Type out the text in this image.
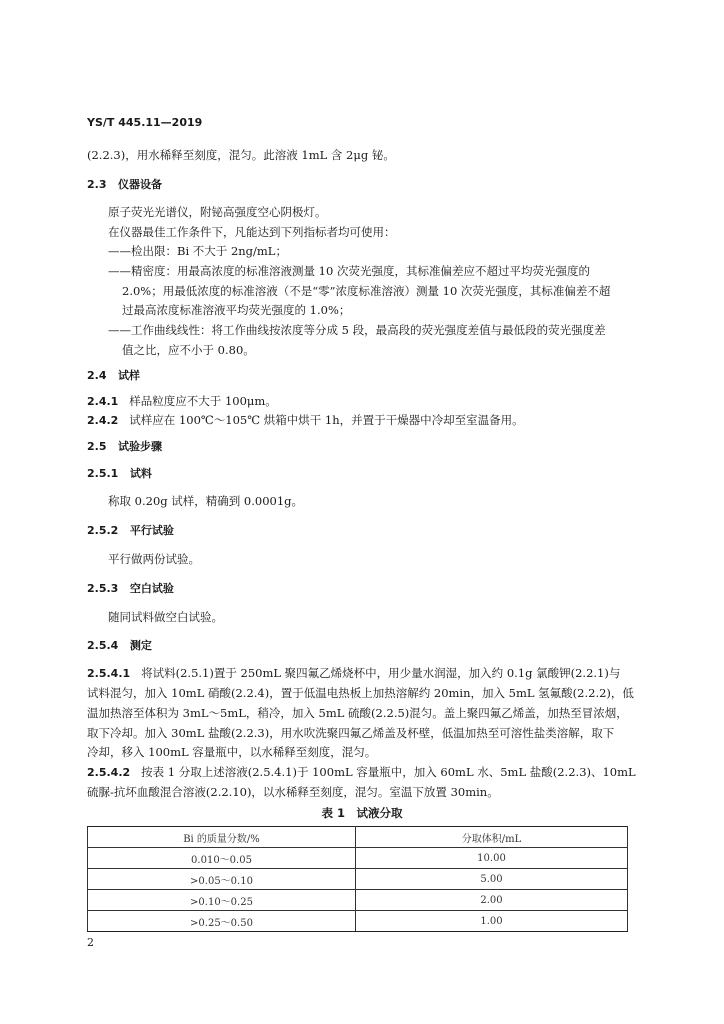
YS/T 445.11—2019
(2.2.3)，用水稀释至刻度，混匀。此溶液 1mL 含 2μg 铋。
2.3 仪器设备
原子荧光光谱仪，附铋高强度空心阴极灯。
在仪器最佳工作条件下，凡能达到下列指标者均可使用：
——检出限：Bi 不大于 2ng/mL；
——精密度：用最高浓度的标准溶液测量 10 次荧光强度，其标准偏差应不超过平均荧光强度的
2.0%；用最低浓度的标准溶液（不是“零”浓度标准溶液）测量 10 次荧光强度，其标准偏差不超
过最高浓度标准溶液平均荧光强度的 1.0%；
——工作曲线线性：将工作曲线按浓度等分成 5 段，最高段的荧光强度差值与最低段的荧光强度差
值之比，应不小于 0.80。
2.4 试样
2.4.1 样品粒度应不大于 100μm。
2.4.2 试样应在 100℃～105℃ 烘箱中烘干 1h，并置于干燥器中冷却至室温备用。
2.5 试验步骤
2.5.1 试料
称取 0.20g 试样，精确到 0.0001g。
2.5.2 平行试验
平行做两份试验。
2.5.3 空白试验
随同试料做空白试验。
2.5.4 测定
2.5.4.1 将试料(2.5.1)置于 250mL 聚四氟乙烯烧杯中，用少量水润湿，加入约 0.1g 氯酸钾(2.2.1)与
试料混匀，加入 10mL 硝酸(2.2.4)，置于低温电热板上加热溶解约 20min，加入 5mL 氢氟酸(2.2.2)，低
温加热溶至体积为 3mL～5mL，稍冷，加入 5mL 硫酸(2.2.5)混匀。盖上聚四氟乙烯盖，加热至冒浓烟，
取下冷却。加入 30mL 盐酸(2.2.3)，用水吹洗聚四氟乙烯盖及杯壁，低温加热至可溶性盐类溶解，取下
冷却，移入 100mL 容量瓶中，以水稀释至刻度，混匀。
2.5.4.2 按表 1 分取上述溶液(2.5.4.1)于 100mL 容量瓶中，加入 60mL 水、5mL 盐酸(2.2.3)、10mL
硫脲-抗坏血酸混合溶液(2.2.10)，以水稀释至刻度，混匀。室温下放置 30min。
表 1　试液分取
Bi 的质量分数/%	分取体积/mL
0.010～0.05	10.00
>0.05～0.10	5.00
>0.10～0.25	2.00
>0.25～0.50	1.00
2
